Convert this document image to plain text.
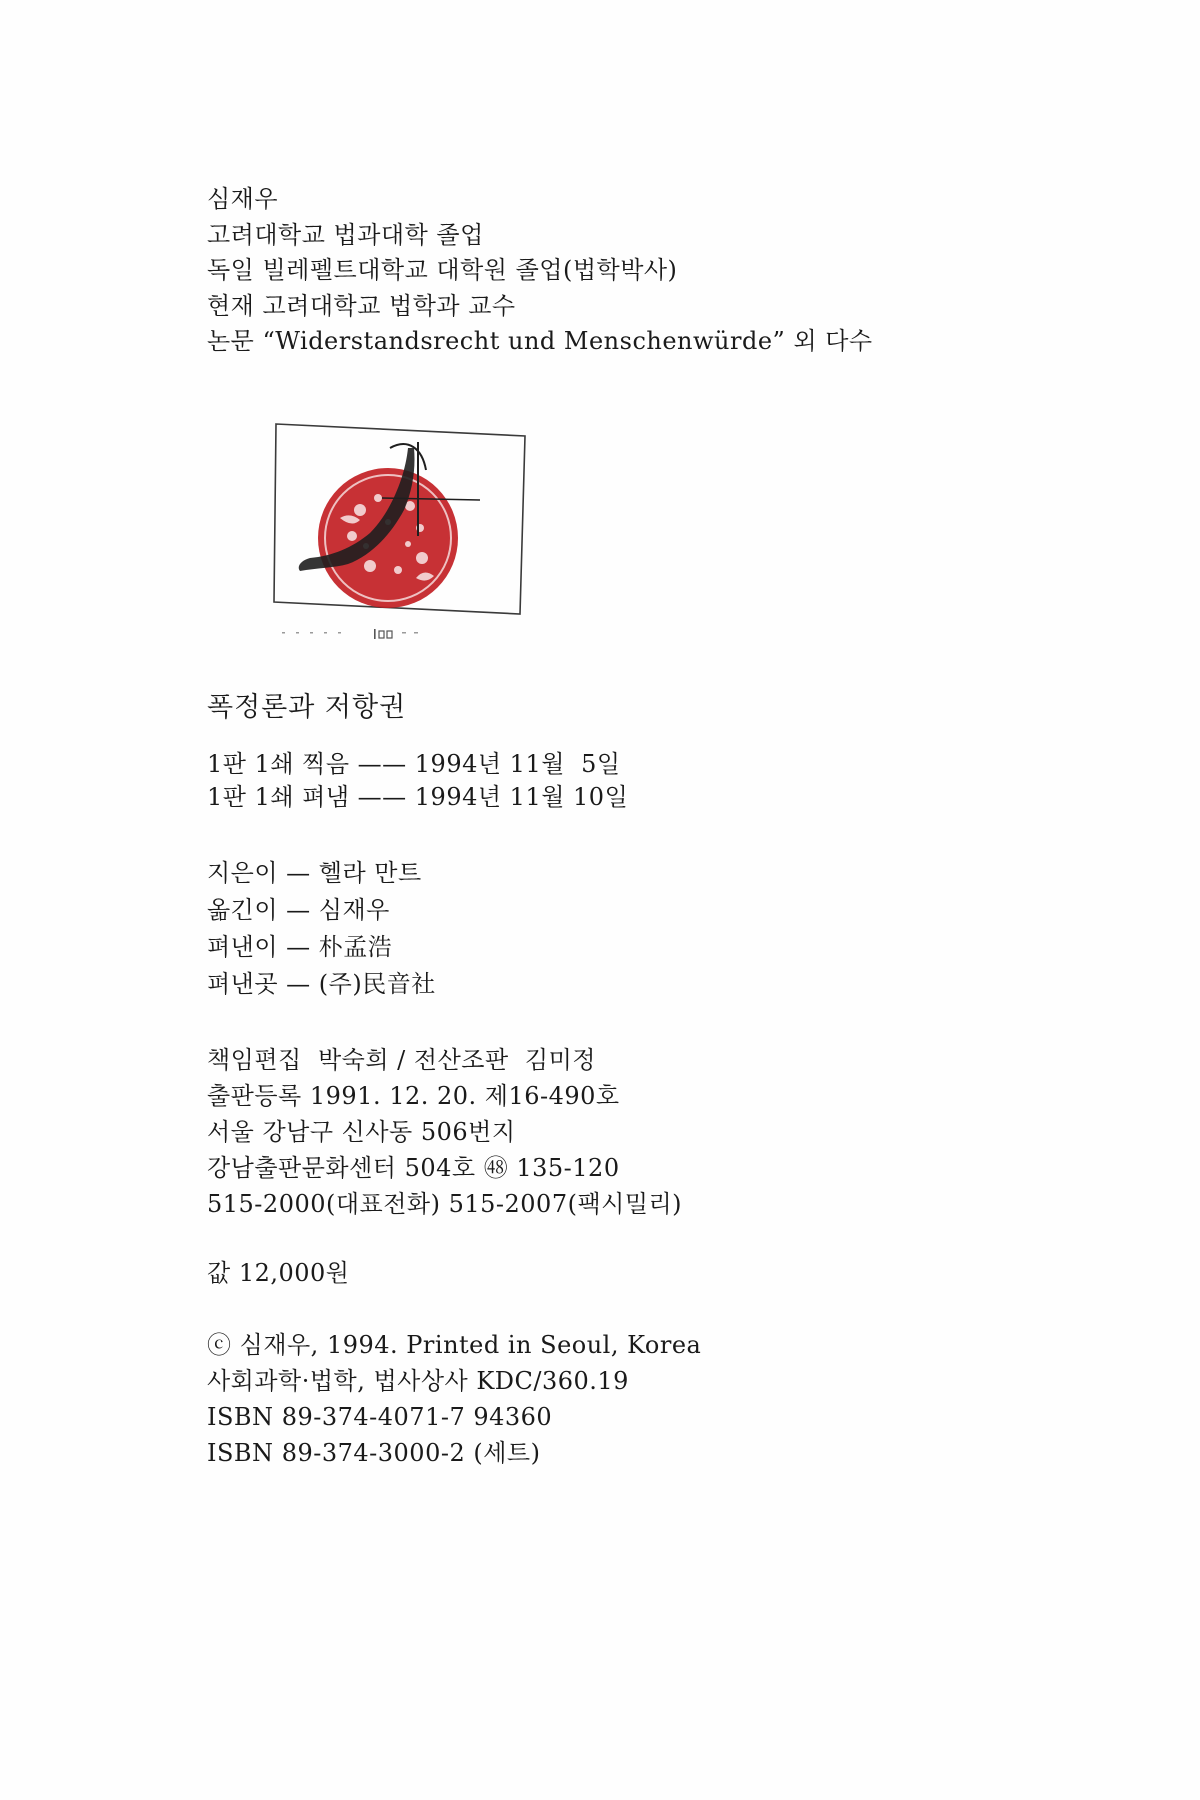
심재우
고려대학교 법과대학 졸업
독일 빌레펠트대학교 대학원 졸업(법학박사)
현재 고려대학교 법학과 교수
논문 “Widerstandsrecht und Menschenwürde” 외 다수
폭정론과 저항권
1판 1쇄 찍음 —— 1994년 11월  5일
1판 1쇄 펴냄 —— 1994년 11월 10일
지은이 — 헬라 만트
옮긴이 — 심재우
펴낸이 — 朴孟浩
펴낸곳 — (주)民音社
책임편집  박숙희 / 전산조판  김미정
출판등록 1991. 12. 20. 제16-490호
서울 강남구 신사동 506번지
강남출판문화센터 504호 ㊽ 135-120
515-2000(대표전화) 515-2007(팩시밀리)
값 12,000원
ⓒ 심재우, 1994. Printed in Seoul, Korea
사회과학·법학, 법사상사 KDC/360.19
ISBN 89-374-4071-7 94360
ISBN 89-374-3000-2 (세트)
